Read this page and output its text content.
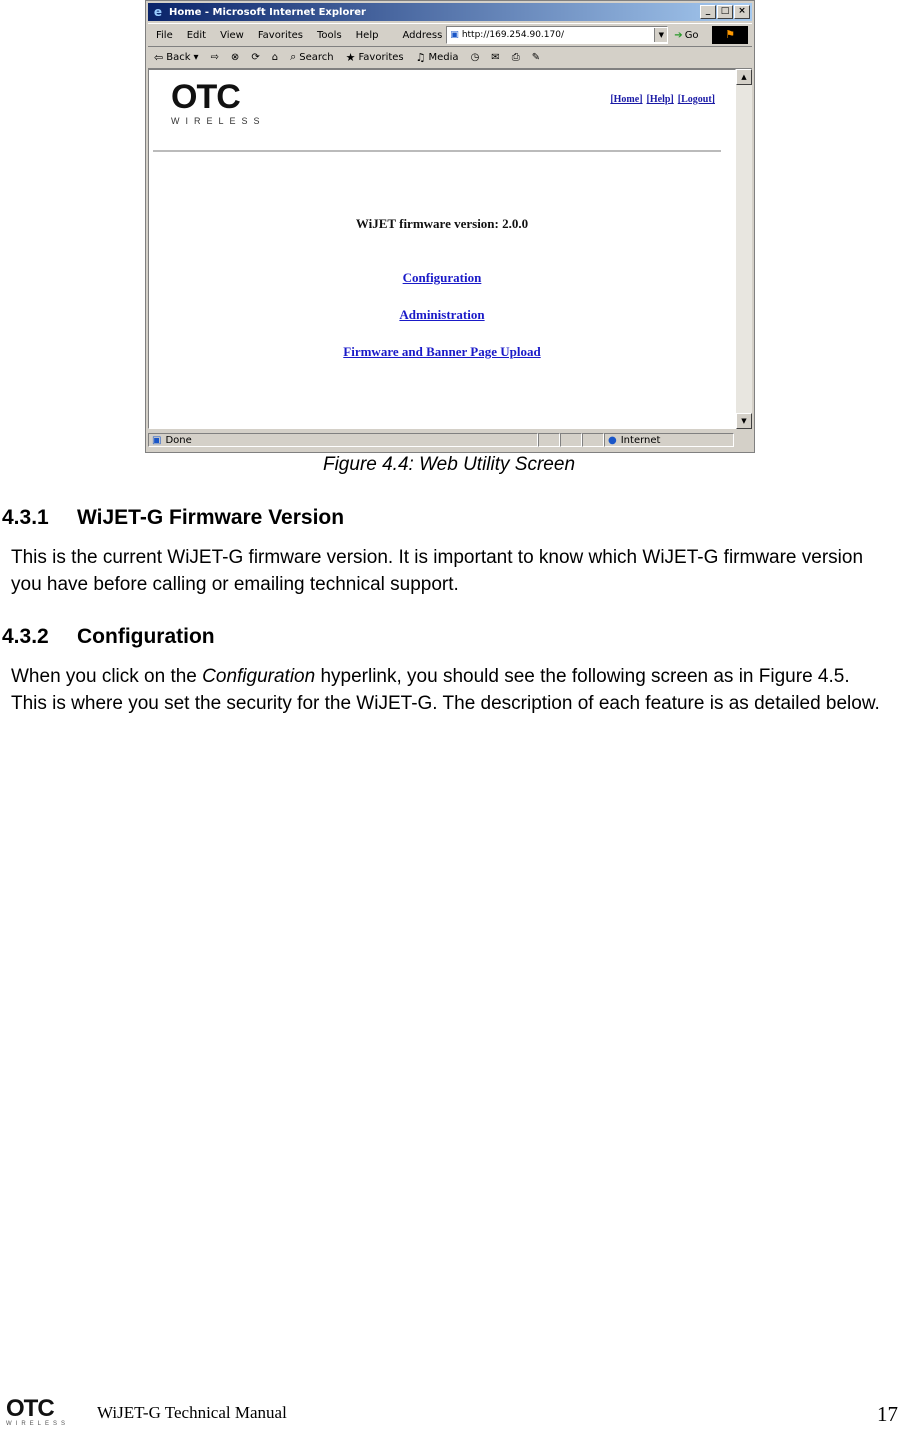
e Home - Microsoft Internet Explorer	_	□ ×
File Edit View Favorites Tools Help Address ▣ http://169.254.90.170/	▼	➔ Go	⚑
⇦ Back ▾ ⇨ ⊗ ⟳ ⌂ ⌕ Search ★ Favorites ♫ Media ◷ ✉ ⎙ ✎
OTC
WIRELESS
[Home] [Help] [Logout]
WiJET firmware version: 2.0.0
Configuration
Administration
Firmware and Banner Page Upload
▲
▼
▣ Done	● Internet
Figure 4.4: Web Utility Screen
4.3.1	WiJET-G Firmware Version
This is the current WiJET-G firmware version. It is important to know which WiJET-G firmware version you have before calling or emailing technical support.
4.3.2	Configuration
When you click on the Configuration hyperlink, you should see the following screen as in Figure 4.5. This is where you set the security for the WiJET-G. The description of each feature is as detailed below.
OTC
WIRELESS
WiJET-G Technical Manual	17
